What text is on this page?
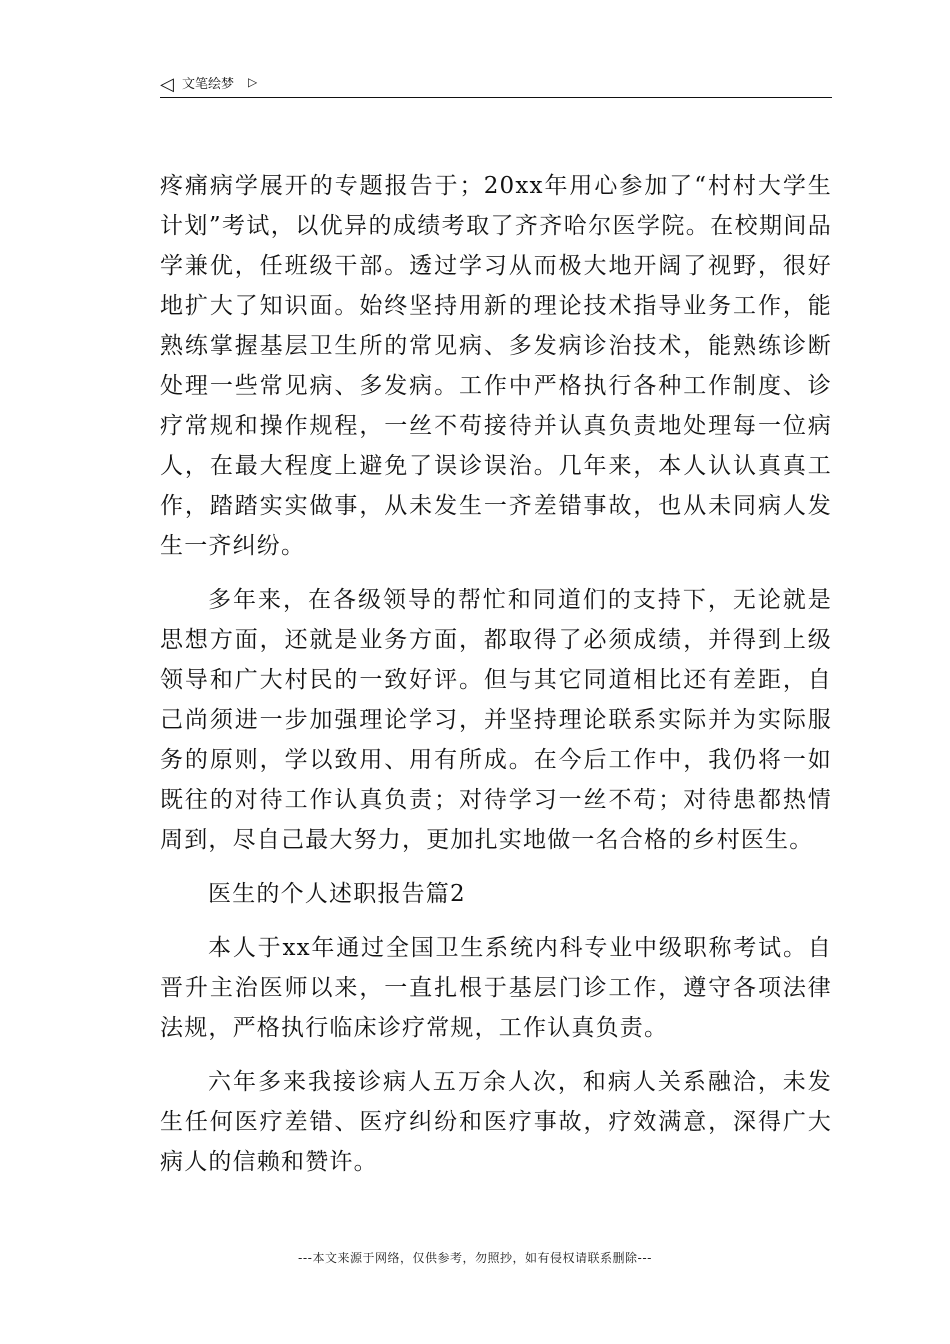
◁ 文笔绘梦 ▷

疼痛病学展开的专题报告于；20xx年用心参加了“村村大学生计划”考试，以优异的成绩考取了齐齐哈尔医学院。在校期间品学兼优，任班级干部。透过学习从而极大地开阔了视野，很好地扩大了知识面。始终坚持用新的理论技术指导业务工作，能熟练掌握基层卫生所的常见病、多发病诊治技术，能熟练诊断处理一些常见病、多发病。工作中严格执行各种工作制度、诊疗常规和操作规程，一丝不苟接待并认真负责地处理每一位病人，在最大程度上避免了误诊误治。几年来，本人认认真真工作，踏踏实实做事，从未发生一齐差错事故，也从未同病人发生一齐纠纷。

多年来，在各级领导的帮忙和同道们的支持下，无论就是思想方面，还就是业务方面，都取得了必须成绩，并得到上级领导和广大村民的一致好评。但与其它同道相比还有差距，自己尚须进一步加强理论学习，并坚持理论联系实际并为实际服务的原则，学以致用、用有所成。在今后工作中，我仍将一如既往的对待工作认真负责；对待学习一丝不苟；对待患都热情周到，尽自己最大努力，更加扎实地做一名合格的乡村医生。

医生的个人述职报告篇2

本人于xx年通过全国卫生系统内科专业中级职称考试。自晋升主治医师以来，一直扎根于基层门诊工作，遵守各项法律法规，严格执行临床诊疗常规，工作认真负责。

六年多来我接诊病人五万余人次，和病人关系融洽，未发生任何医疗差错、医疗纠纷和医疗事故，疗效满意，深得广大病人的信赖和赞许。

---本文来源于网络，仅供参考，勿照抄，如有侵权请联系删除---
